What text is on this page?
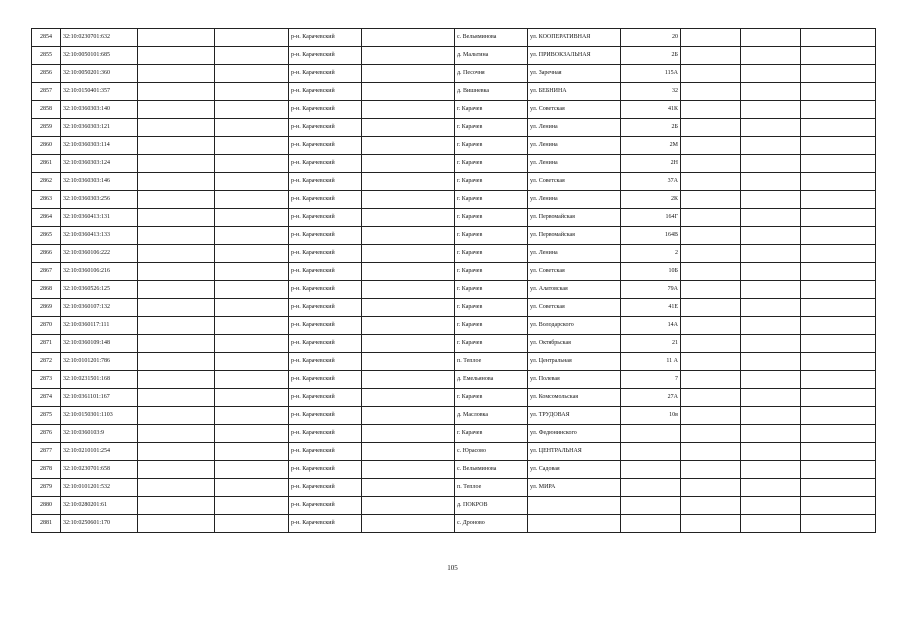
2854	32:10:0230701:632			р-н. Карачевский		с. Вельяминова	ул. КООПЕРАТИВНАЯ	20			
2855	32:10:0050101:685			р-н. Карачевский		д. Мальтина	ул. ПРИВОКЗАЛЬНАЯ	2Б			
2856	32:10:0050201:360			р-н. Карачевский		д. Песочня	ул. Заречная	115А			
2857	32:10:0150401:357			р-н. Карачевский		д. Вишневка	ул. БЕБНИНА	32			
2858	32:10:0360303:140			р-н. Карачевский		г. Карачев	ул. Советская	41К			
2859	32:10:0360303:121			р-н. Карачевский		г. Карачев	ул. Ленина	2Б			
2860	32:10:0360303:114			р-н. Карачевский		г. Карачев	ул. Ленина	2М			
2861	32:10:0360303:124			р-н. Карачевский		г. Карачев	ул. Ленина	2Н			
2862	32:10:0360303:146			р-н. Карачевский		г. Карачев	ул. Советская	37А			
2863	32:10:0360303:256			р-н. Карачевский		г. Карачев	ул. Ленина	2К			
2864	32:10:0360413:131			р-н. Карачевский		г. Карачев	ул. Первомайская	164Г			
2865	32:10:0360413:133			р-н. Карачевский		г. Карачев	ул. Первомайская	164В			
2866	32:10:0360106:222			р-н. Карачевский		г. Карачев	ул. Ленина	2			
2867	32:10:0360106:216			р-н. Карачевский		г. Карачев	ул. Советская	10Б			
2868	32:10:0360526:125			р-н. Карачевский		г. Карачев	ул. Алатовская	79А			
2869	32:10:0360107:132			р-н. Карачевский		г. Карачев	ул. Советская	41Е			
2870	32:10:0360117:111			р-н. Карачевский		г. Карачев	ул. Володарского	14А			
2871	32:10:0360109:148			р-н. Карачевский		г. Карачев	ул. Октябрьская	21			
2872	32:10:0101201:786			р-н. Карачевский		п. Теплое	ул. Центральная	11 А			
2873	32:10:0231501:168			р-н. Карачевский		д. Емельянова	ул. Полевая	7			
2874	32:10:0361101:167			р-н. Карачевский		г. Карачев	ул. Комсомольская	27А			
2875	32:10:0150301:1103			р-н. Карачевский		д. Масловка	ул. ТРУДОВАЯ	10в			
2876	32:10:0360103:9			р-н. Карачевский		г. Карачев	ул. Федюнинского				
2877	32:10:0210101:254			р-н. Карачевский		с. Юрасово	ул. ЦЕНТРАЛЬНАЯ				
2878	32:10:0230701:658			р-н. Карачевский		с. Вельяминова	ул. Садовая				
2879	32:10:0101201:532			р-н. Карачевский		п. Теплое	ул. МИРА				
2880	32:10:0280201:61			р-н. Карачевский		д. ПОКРОВ					
2881	32:10:0250601:170			р-н. Карачевский		с. Дроново					
105
